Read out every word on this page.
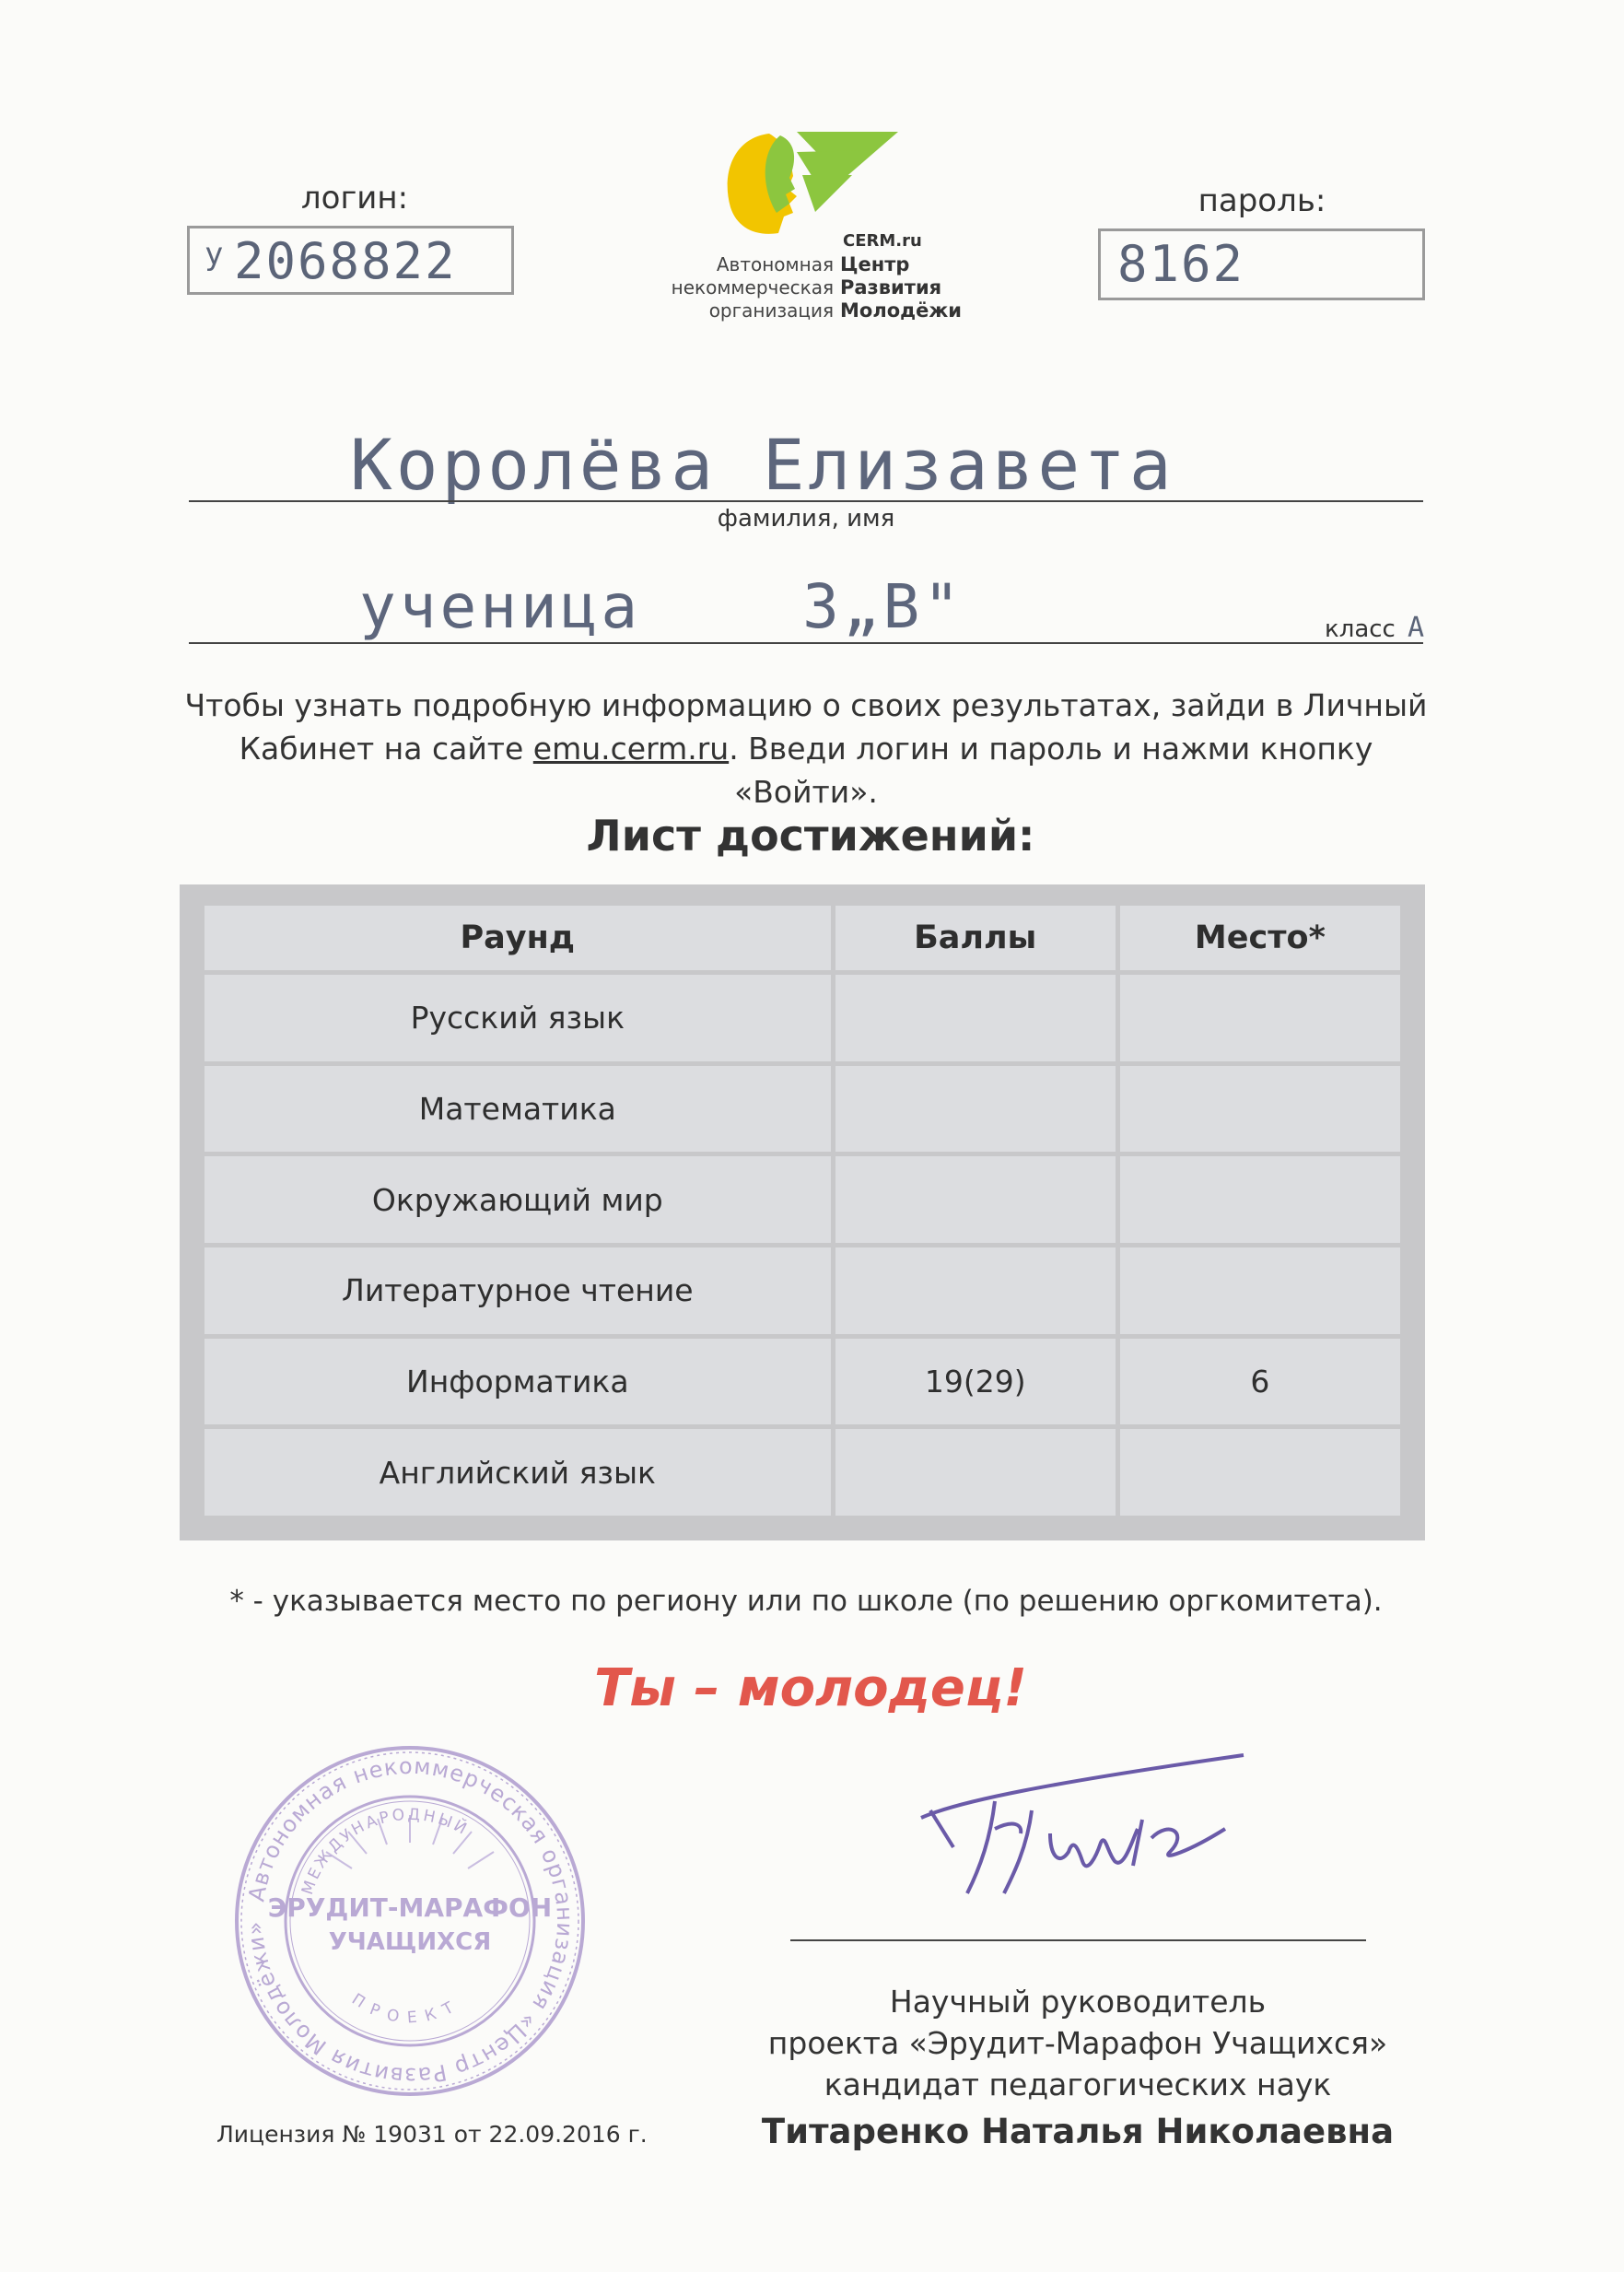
логин:
у 2068822
пароль:
8162
CERM.ru
Автономная
некоммерческая
организация
Центр
Развития
Молодёжи
Королёва Елизавета
фамилия, имя
ученица    3„В"	класс А
Чтобы узнать подробную информацию о своих результатах, зайди в Личный Кабинет на сайте emu.cerm.ru. Введи логин и пароль и нажми кнопку «Войти».
Лист достижений:
Раунд	Баллы	Место*
Русский язык		
Математика		
Окружающий мир		
Литературное чтение		
Информатика	19(29)	6
Английский язык		
* - указывается место по региону или по школе (по решению оргкомитета).
Ты – молодец!
Автономная некоммерческая организация «Центр Развития Молодёжи»
МЕЖДУНАРОДНЫЙ
ПРОЕКТ
ЭРУДИТ-МАРАФОН
УЧАЩИХСЯ
Лицензия № 19031 от 22.09.2016 г.
Научный руководитель
проекта «Эрудит-Марафон Учащихся»
кандидат педагогических наук
Титаренко Наталья Николаевна
